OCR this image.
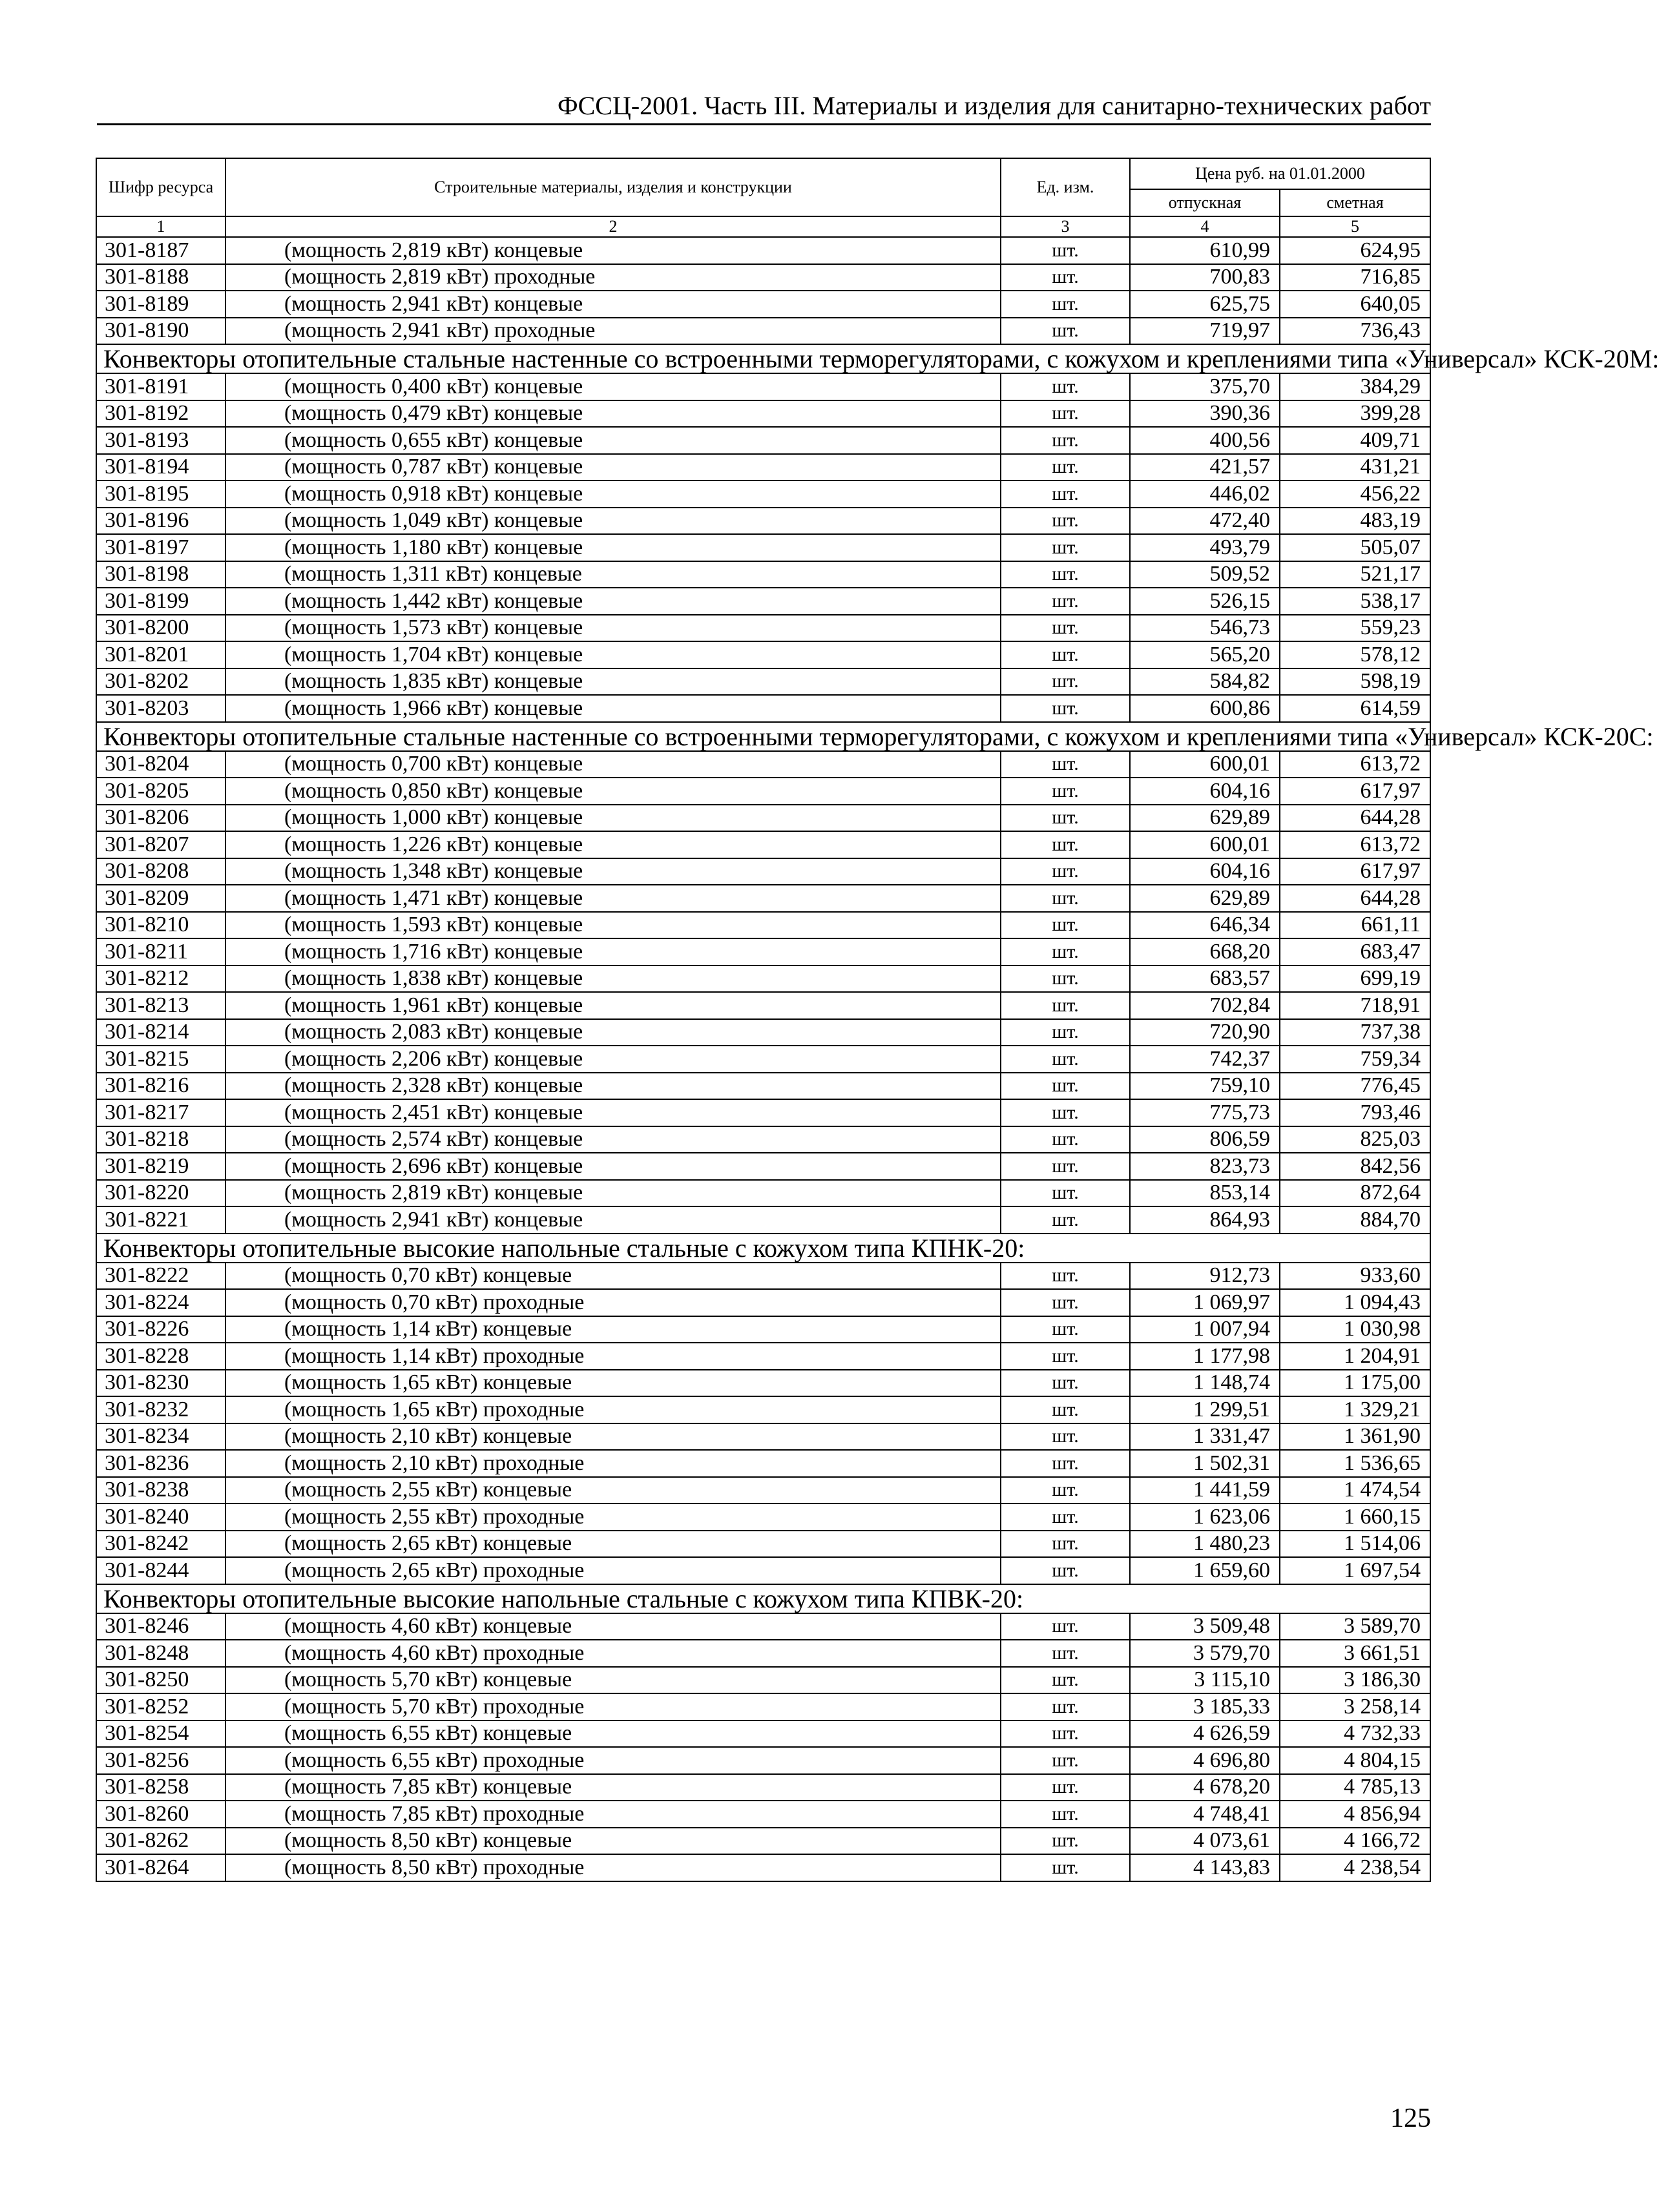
ФССЦ-2001. Часть III. Материалы и изделия для санитарно-технических работ
Шифр ресурса	Строительные материалы, изделия и конструкции	Ед. изм.	Цена руб. на 01.01.2000	
			отпускная	сметная
1	2	3	4	5
301-8187	(мощность 2,819 кВт) концевые	шт.	610,99	624,95
301-8188	(мощность 2,819 кВт) проходные	шт.	700,83	716,85
301-8189	(мощность 2,941 кВт) концевые	шт.	625,75	640,05
301-8190	(мощность 2,941 кВт) проходные	шт.	719,97	736,43
Конвекторы отопительные стальные настенные со встроенными терморегуляторами, с кожухом и креплениями типа «Универсал» КСК-20М:				
301-8191	(мощность 0,400 кВт) концевые	шт.	375,70	384,29
301-8192	(мощность 0,479 кВт) концевые	шт.	390,36	399,28
301-8193	(мощность 0,655 кВт) концевые	шт.	400,56	409,71
301-8194	(мощность 0,787 кВт) концевые	шт.	421,57	431,21
301-8195	(мощность 0,918 кВт) концевые	шт.	446,02	456,22
301-8196	(мощность 1,049 кВт) концевые	шт.	472,40	483,19
301-8197	(мощность 1,180 кВт) концевые	шт.	493,79	505,07
301-8198	(мощность 1,311 кВт) концевые	шт.	509,52	521,17
301-8199	(мощность 1,442 кВт) концевые	шт.	526,15	538,17
301-8200	(мощность 1,573 кВт) концевые	шт.	546,73	559,23
301-8201	(мощность 1,704 кВт) концевые	шт.	565,20	578,12
301-8202	(мощность 1,835 кВт) концевые	шт.	584,82	598,19
301-8203	(мощность 1,966 кВт) концевые	шт.	600,86	614,59
Конвекторы отопительные стальные настенные со встроенными терморегуляторами, с кожухом и креплениями типа «Универсал» КСК-20С:				
301-8204	(мощность 0,700 кВт) концевые	шт.	600,01	613,72
301-8205	(мощность 0,850 кВт) концевые	шт.	604,16	617,97
301-8206	(мощность 1,000 кВт) концевые	шт.	629,89	644,28
301-8207	(мощность 1,226 кВт) концевые	шт.	600,01	613,72
301-8208	(мощность 1,348 кВт) концевые	шт.	604,16	617,97
301-8209	(мощность 1,471 кВт) концевые	шт.	629,89	644,28
301-8210	(мощность 1,593 кВт) концевые	шт.	646,34	661,11
301-8211	(мощность 1,716 кВт) концевые	шт.	668,20	683,47
301-8212	(мощность 1,838 кВт) концевые	шт.	683,57	699,19
301-8213	(мощность 1,961 кВт) концевые	шт.	702,84	718,91
301-8214	(мощность 2,083 кВт) концевые	шт.	720,90	737,38
301-8215	(мощность 2,206 кВт) концевые	шт.	742,37	759,34
301-8216	(мощность 2,328 кВт) концевые	шт.	759,10	776,45
301-8217	(мощность 2,451 кВт) концевые	шт.	775,73	793,46
301-8218	(мощность 2,574 кВт) концевые	шт.	806,59	825,03
301-8219	(мощность 2,696 кВт) концевые	шт.	823,73	842,56
301-8220	(мощность 2,819 кВт) концевые	шт.	853,14	872,64
301-8221	(мощность 2,941 кВт) концевые	шт.	864,93	884,70
Конвекторы отопительные высокие напольные стальные с кожухом типа КПНК-20:				
301-8222	(мощность 0,70 кВт) концевые	шт.	912,73	933,60
301-8224	(мощность 0,70 кВт) проходные	шт.	1 069,97	1 094,43
301-8226	(мощность 1,14 кВт) концевые	шт.	1 007,94	1 030,98
301-8228	(мощность 1,14 кВт) проходные	шт.	1 177,98	1 204,91
301-8230	(мощность 1,65 кВт) концевые	шт.	1 148,74	1 175,00
301-8232	(мощность 1,65 кВт) проходные	шт.	1 299,51	1 329,21
301-8234	(мощность 2,10 кВт) концевые	шт.	1 331,47	1 361,90
301-8236	(мощность 2,10 кВт) проходные	шт.	1 502,31	1 536,65
301-8238	(мощность 2,55 кВт) концевые	шт.	1 441,59	1 474,54
301-8240	(мощность 2,55 кВт) проходные	шт.	1 623,06	1 660,15
301-8242	(мощность 2,65 кВт) концевые	шт.	1 480,23	1 514,06
301-8244	(мощность 2,65 кВт) проходные	шт.	1 659,60	1 697,54
Конвекторы отопительные высокие напольные стальные с кожухом типа КПВК-20:				
301-8246	(мощность 4,60 кВт) концевые	шт.	3 509,48	3 589,70
301-8248	(мощность 4,60 кВт) проходные	шт.	3 579,70	3 661,51
301-8250	(мощность 5,70 кВт) концевые	шт.	3 115,10	3 186,30
301-8252	(мощность 5,70 кВт) проходные	шт.	3 185,33	3 258,14
301-8254	(мощность 6,55 кВт) концевые	шт.	4 626,59	4 732,33
301-8256	(мощность 6,55 кВт) проходные	шт.	4 696,80	4 804,15
301-8258	(мощность 7,85 кВт) концевые	шт.	4 678,20	4 785,13
301-8260	(мощность 7,85 кВт) проходные	шт.	4 748,41	4 856,94
301-8262	(мощность 8,50 кВт) концевые	шт.	4 073,61	4 166,72
301-8264	(мощность 8,50 кВт) проходные	шт.	4 143,83	4 238,54
125
